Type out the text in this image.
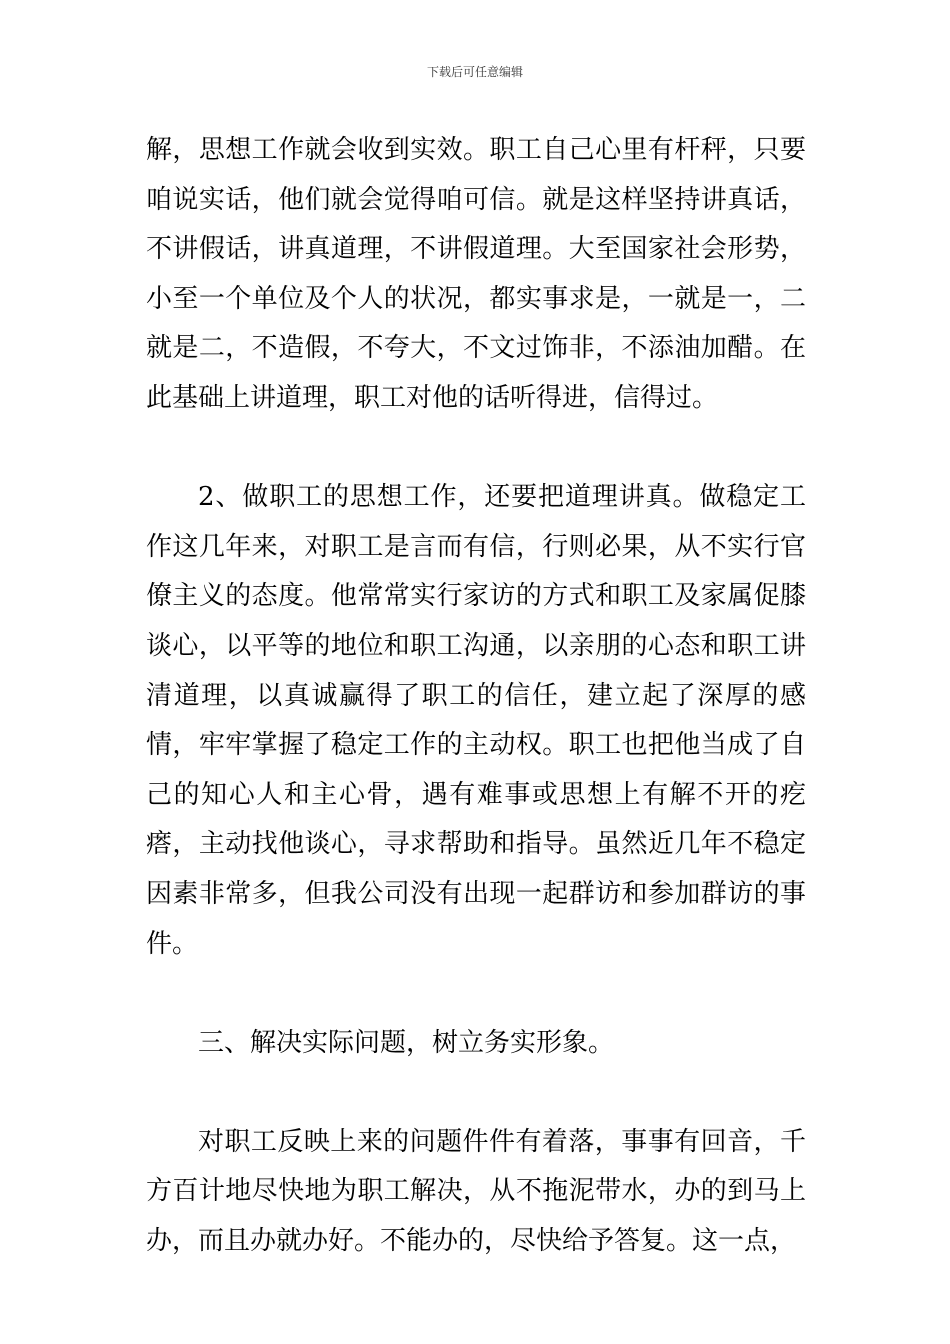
下载后可任意编辑

解，思想工作就会收到实效。职工自己心里有杆秤，只要咱说实话，他们就会觉得咱可信。就是这样坚持讲真话，不讲假话，讲真道理，不讲假道理。大至国家社会形势，小至一个单位及个人的状况，都实事求是，一就是一，二就是二，不造假，不夸大，不文过饰非，不添油加醋。在此基础上讲道理，职工对他的话听得进，信得过。

2、做职工的思想工作，还要把道理讲真。做稳定工作这几年来，对职工是言而有信，行则必果，从不实行官僚主义的态度。他常常实行家访的方式和职工及家属促膝谈心，以平等的地位和职工沟通，以亲朋的心态和职工讲清道理，以真诚赢得了职工的信任，建立起了深厚的感情，牢牢掌握了稳定工作的主动权。职工也把他当成了自己的知心人和主心骨，遇有难事或思想上有解不开的疙瘩，主动找他谈心，寻求帮助和指导。虽然近几年不稳定因素非常多，但我公司没有出现一起群访和参加群访的事件。

三、解决实际问题，树立务实形象。

对职工反映上来的问题件件有着落，事事有回音，千方百计地尽快地为职工解决，从不拖泥带水，办的到马上办，而且办就办好。不能办的，尽快给予答复。这一点，
